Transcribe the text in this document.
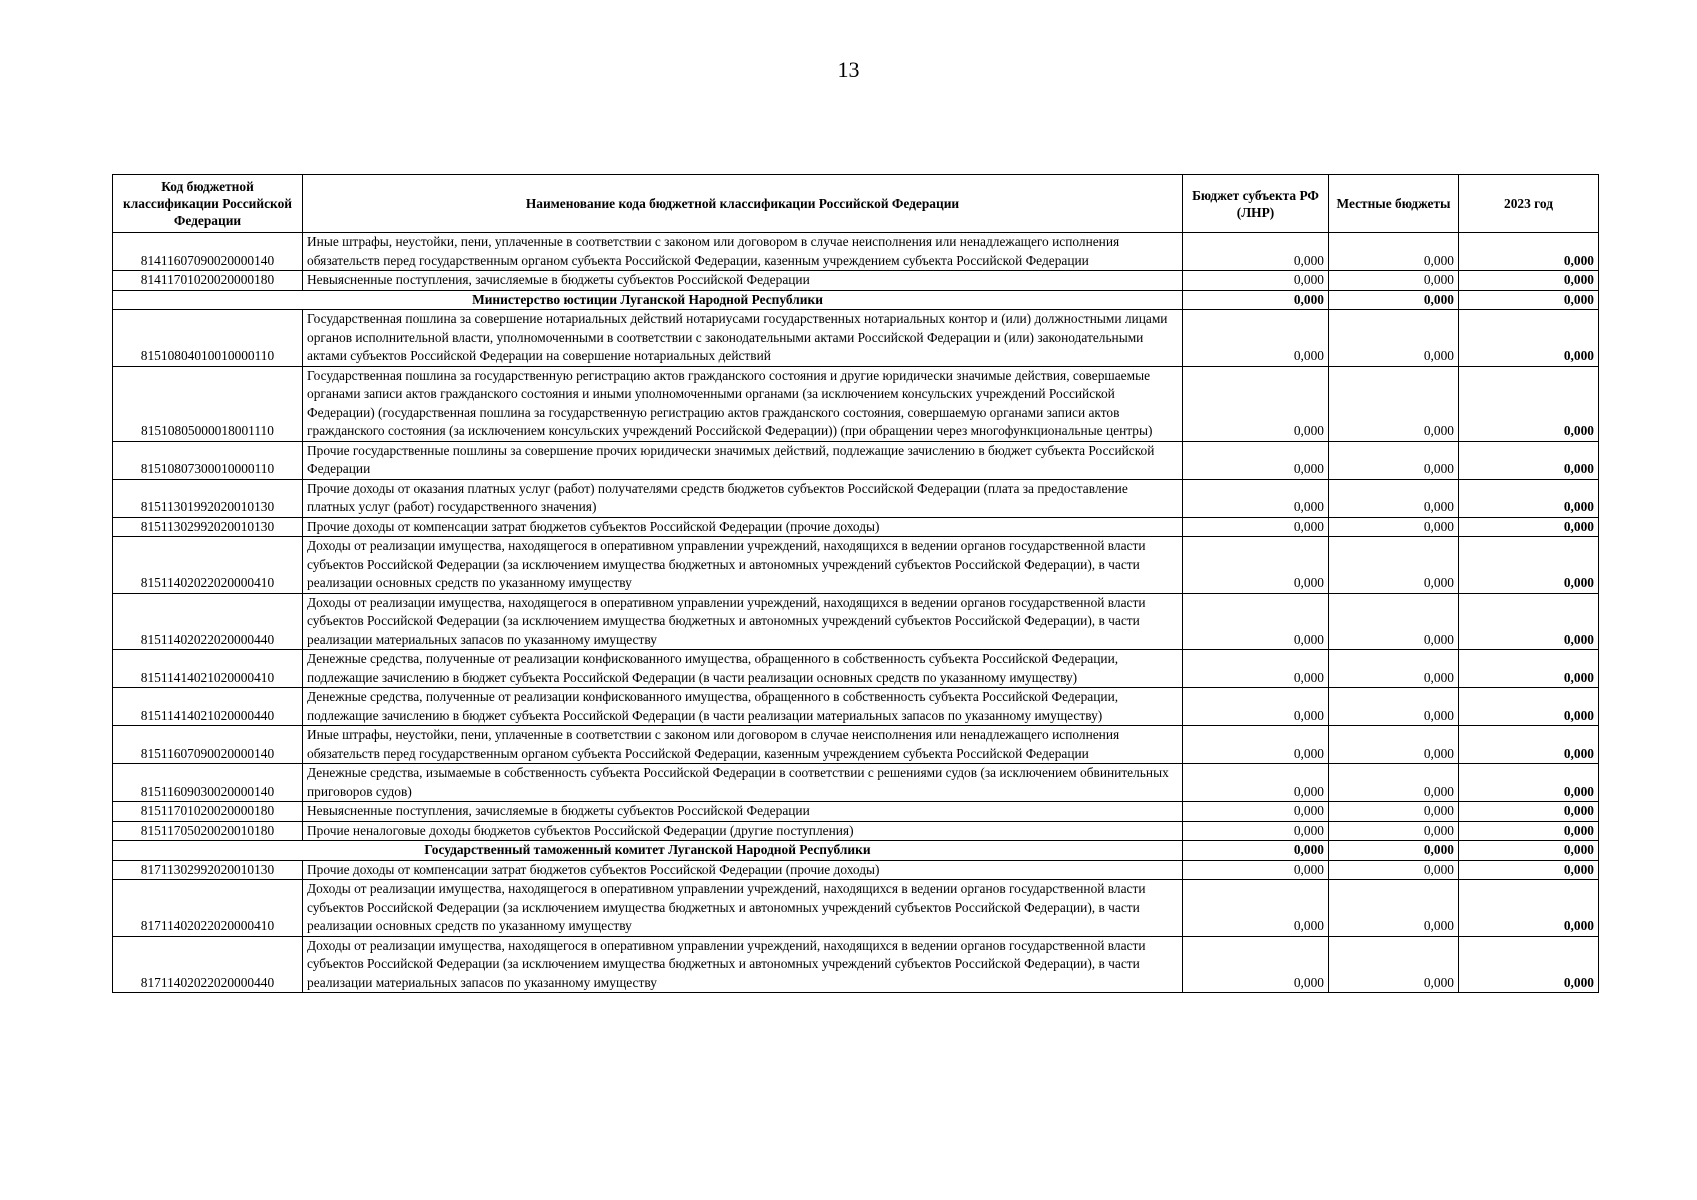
13
Код бюджетной классификации Российской Федерации	Наименование кода бюджетной классификации Российской Федерации	Бюджет субъекта РФ (ЛНР)	Местные бюджеты	2023 год
81411607090020000140	Иные штрафы, неустойки, пени, уплаченные в соответствии с законом или договором в случае неисполнения или ненадлежащего исполнения обязательств перед государственным органом субъекта Российской Федерации, казенным учреждением субъекта Российской Федерации	0,000	0,000	0,000
81411701020020000180	Невыясненные поступления, зачисляемые в бюджеты субъектов Российской Федерации	0,000	0,000	0,000
Министерство юстиции Луганской Народной Республики		0,000	0,000	0,000
81510804010010000110	Государственная пошлина за совершение нотариальных действий нотариусами государственных нотариальных контор и (или) должностными лицами органов исполнительной власти, уполномоченными в соответствии с законодательными актами Российской Федерации и (или) законодательными актами субъектов Российской Федерации на совершение нотариальных действий	0,000	0,000	0,000
81510805000018001110	Государственная пошлина за государственную регистрацию актов гражданского состояния и другие юридически значимые действия, совершаемые органами записи актов гражданского состояния и иными уполномоченными органами (за исключением консульских учреждений Российской Федерации) (государственная пошлина за государственную регистрацию актов гражданского состояния, совершаемую органами записи актов гражданского состояния (за исключением консульских учреждений Российской Федерации)) (при обращении через многофункциональные центры)	0,000	0,000	0,000
81510807300010000110	Прочие государственные пошлины за совершение прочих юридически значимых действий, подлежащие зачислению в бюджет субъекта Российской Федерации	0,000	0,000	0,000
81511301992020010130	Прочие доходы от оказания платных услуг (работ) получателями средств бюджетов субъектов Российской Федерации (плата за предоставление платных услуг (работ) государственного значения)	0,000	0,000	0,000
81511302992020010130	Прочие доходы от компенсации затрат бюджетов субъектов Российской Федерации (прочие доходы)	0,000	0,000	0,000
81511402022020000410	Доходы от реализации имущества, находящегося в оперативном управлении учреждений, находящихся в ведении органов государственной власти субъектов Российской Федерации (за исключением имущества бюджетных и автономных учреждений субъектов Российской Федерации), в части реализации основных средств по указанному имуществу	0,000	0,000	0,000
81511402022020000440	Доходы от реализации имущества, находящегося в оперативном управлении учреждений, находящихся в ведении органов государственной власти субъектов Российской Федерации (за исключением имущества бюджетных и автономных учреждений субъектов Российской Федерации), в части реализации материальных запасов по указанному имуществу	0,000	0,000	0,000
81511414021020000410	Денежные средства, полученные от реализации конфискованного имущества, обращенного в собственность субъекта Российской Федерации, подлежащие зачислению в бюджет субъекта Российской Федерации (в части реализации основных средств по указанному имуществу)	0,000	0,000	0,000
81511414021020000440	Денежные средства, полученные от реализации конфискованного имущества, обращенного в собственность субъекта Российской Федерации, подлежащие зачислению в бюджет субъекта Российской Федерации (в части реализации материальных запасов по указанному имуществу)	0,000	0,000	0,000
81511607090020000140	Иные штрафы, неустойки, пени, уплаченные в соответствии с законом или договором в случае неисполнения или ненадлежащего исполнения обязательств перед государственным органом субъекта Российской Федерации, казенным учреждением субъекта Российской Федерации	0,000	0,000	0,000
81511609030020000140	Денежные средства, изымаемые в собственность субъекта Российской Федерации в соответствии с решениями судов (за исключением обвинительных приговоров судов)	0,000	0,000	0,000
81511701020020000180	Невыясненные поступления, зачисляемые в бюджеты субъектов Российской Федерации	0,000	0,000	0,000
81511705020020010180	Прочие неналоговые доходы бюджетов субъектов Российской Федерации (другие поступления)	0,000	0,000	0,000
Государственный таможенный комитет Луганской Народной Республики		0,000	0,000	0,000
81711302992020010130	Прочие доходы от компенсации затрат бюджетов субъектов Российской Федерации (прочие доходы)	0,000	0,000	0,000
81711402022020000410	Доходы от реализации имущества, находящегося в оперативном управлении учреждений, находящихся в ведении органов государственной власти субъектов Российской Федерации (за исключением имущества бюджетных и автономных учреждений субъектов Российской Федерации), в части реализации основных средств по указанному имуществу	0,000	0,000	0,000
81711402022020000440	Доходы от реализации имущества, находящегося в оперативном управлении учреждений, находящихся в ведении органов государственной власти субъектов Российской Федерации (за исключением имущества бюджетных и автономных учреждений субъектов Российской Федерации), в части реализации материальных запасов по указанному имуществу	0,000	0,000	0,000
